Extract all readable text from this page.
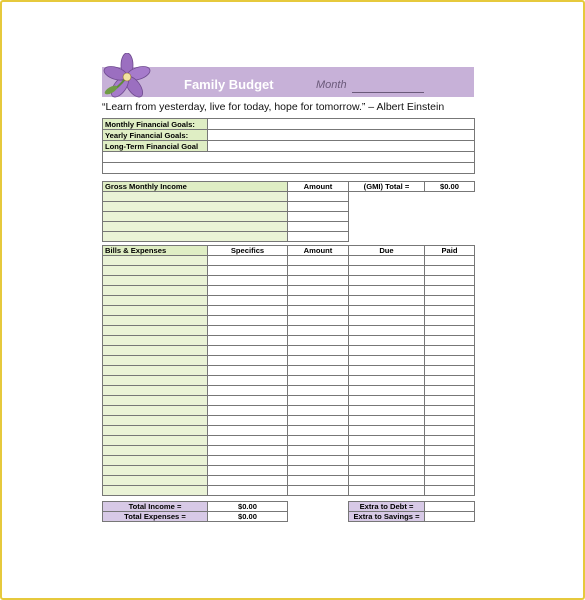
Family Budget	Month
“Learn from yesterday, live for today, hope for tomorrow.” – Albert Einstein
Monthly Financial Goals:	
Yearly Financial Goals:	
Long-Term Financial Goal	

Gross Monthly Income	Amount	(GMI) Total =	$0.00

Bills & Expenses	Specifics	Amount	Due	Paid

Total Income =	$0.00		Extra to Debt =	
Total Expenses =	$0.00		Extra to Savings =	
